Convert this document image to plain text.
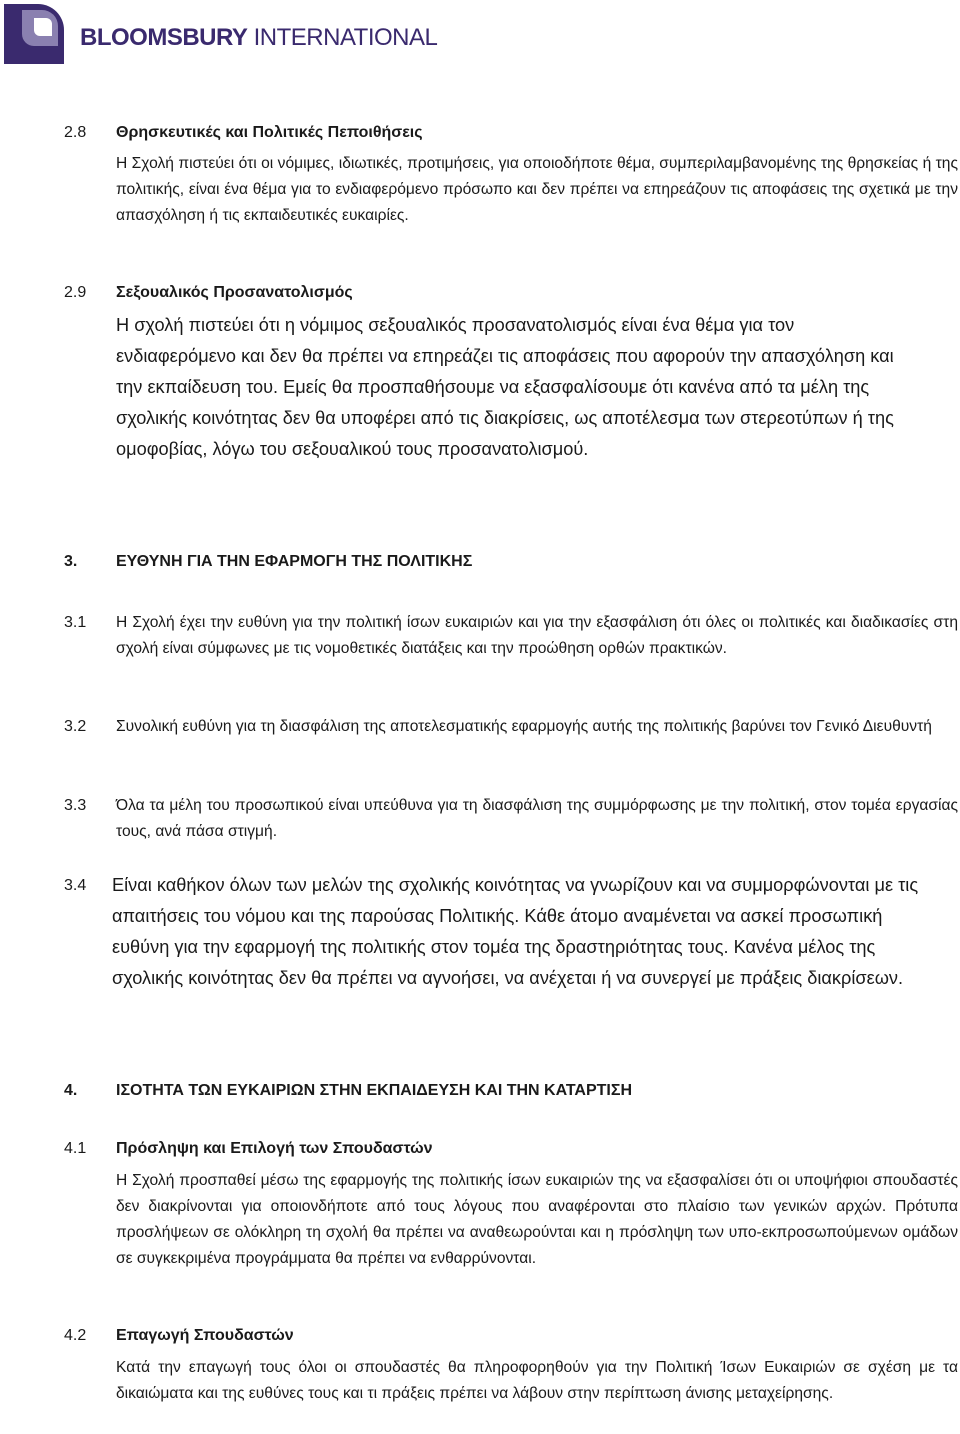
BLOOMSBURY INTERNATIONAL
2.8 Θρησκευτικές και Πολιτικές Πεποιθήσεις
Η Σχολή πιστεύει ότι οι νόμιμες, ιδιωτικές, προτιμήσεις, για οποιοδήποτε θέμα, συμπεριλαμβανομένης της θρησκείας ή της πολιτικής, είναι ένα θέμα για το ενδιαφερόμενο πρόσωπο και δεν πρέπει να επηρεάζουν τις αποφάσεις της σχετικά με την απασχόληση ή τις εκπαιδευτικές ευκαιρίες.
2.9 Σεξουαλικός Προσανατολισμός
Η σχολή πιστεύει ότι η νόμιμος σεξουαλικός προσανατολισμός είναι ένα θέμα για τον ενδιαφερόμενο και δεν θα πρέπει να επηρεάζει τις αποφάσεις που αφορούν την απασχόληση και την εκπαίδευση του. Εμείς θα προσπαθήσουμε να εξασφαλίσουμε ότι κανένα από τα μέλη της σχολικής κοινότητας δεν θα υποφέρει από τις διακρίσεις, ως αποτέλεσμα των στερεοτύπων ή της ομοφοβίας, λόγω του σεξουαλικού τους προσανατολισμού.
3. ΕΥΘΥΝΗ ΓΙΑ ΤΗΝ ΕΦΑΡΜΟΓΗ ΤΗΣ ΠΟΛΙΤΙΚΗΣ
3.1 Η Σχολή έχει την ευθύνη για την πολιτική ίσων ευκαιριών και για την εξασφάλιση ότι όλες οι πολιτικές και διαδικασίες στη σχολή είναι σύμφωνες με τις νομοθετικές διατάξεις και την προώθηση ορθών πρακτικών.
3.2 Συνολική ευθύνη για τη διασφάλιση της αποτελεσματικής εφαρμογής αυτής της πολιτικής βαρύνει τον Γενικό Διευθυντή
3.3 Όλα τα μέλη του προσωπικού είναι υπεύθυνα για τη διασφάλιση της συμμόρφωσης με την πολιτική, στον τομέα εργασίας τους, ανά πάσα στιγμή.
3.4 Είναι καθήκον όλων των μελών της σχολικής κοινότητας να γνωρίζουν και να συμμορφώνονται με τις απαιτήσεις του νόμου και της παρούσας Πολιτικής. Κάθε άτομο αναμένεται να ασκεί προσωπική ευθύνη για την εφαρμογή της πολιτικής στον τομέα της δραστηριότητας τους. Κανένα μέλος της σχολικής κοινότητας δεν θα πρέπει να αγνοήσει, να ανέχεται ή να συνεργεί με πράξεις διακρίσεων.
4. ΙΣΟΤΗΤΑ ΤΩΝ ΕΥΚΑΙΡΙΩΝ ΣΤΗΝ ΕΚΠΑΙΔΕΥΣΗ ΚΑΙ ΤΗΝ ΚΑΤΑΡΤΙΣΗ
4.1 Πρόσληψη και Επιλογή των Σπουδαστών
Η Σχολή προσπαθεί μέσω της εφαρμογής της πολιτικής ίσων ευκαιριών της να εξασφαλίσει ότι οι υποψήφιοι σπουδαστές δεν διακρίνονται για οποιονδήποτε από τους λόγους που αναφέρονται στο πλαίσιο των γενικών αρχών. Πρότυπα προσλήψεων σε ολόκληρη τη σχολή θα πρέπει να αναθεωρούνται και η πρόσληψη των υπο-εκπροσωπούμενων ομάδων σε συγκεκριμένα προγράμματα θα πρέπει να ενθαρρύνονται.
4.2 Επαγωγή Σπουδαστών
Κατά την επαγωγή τους όλοι οι σπουδαστές θα πληροφορηθούν για την Πολιτική Ίσων Ευκαιριών σε σχέση με τα δικαιώματα και της ευθύνες τους και τι πράξεις πρέπει να λάβουν στην περίπτωση άνισης μεταχείρησης.
